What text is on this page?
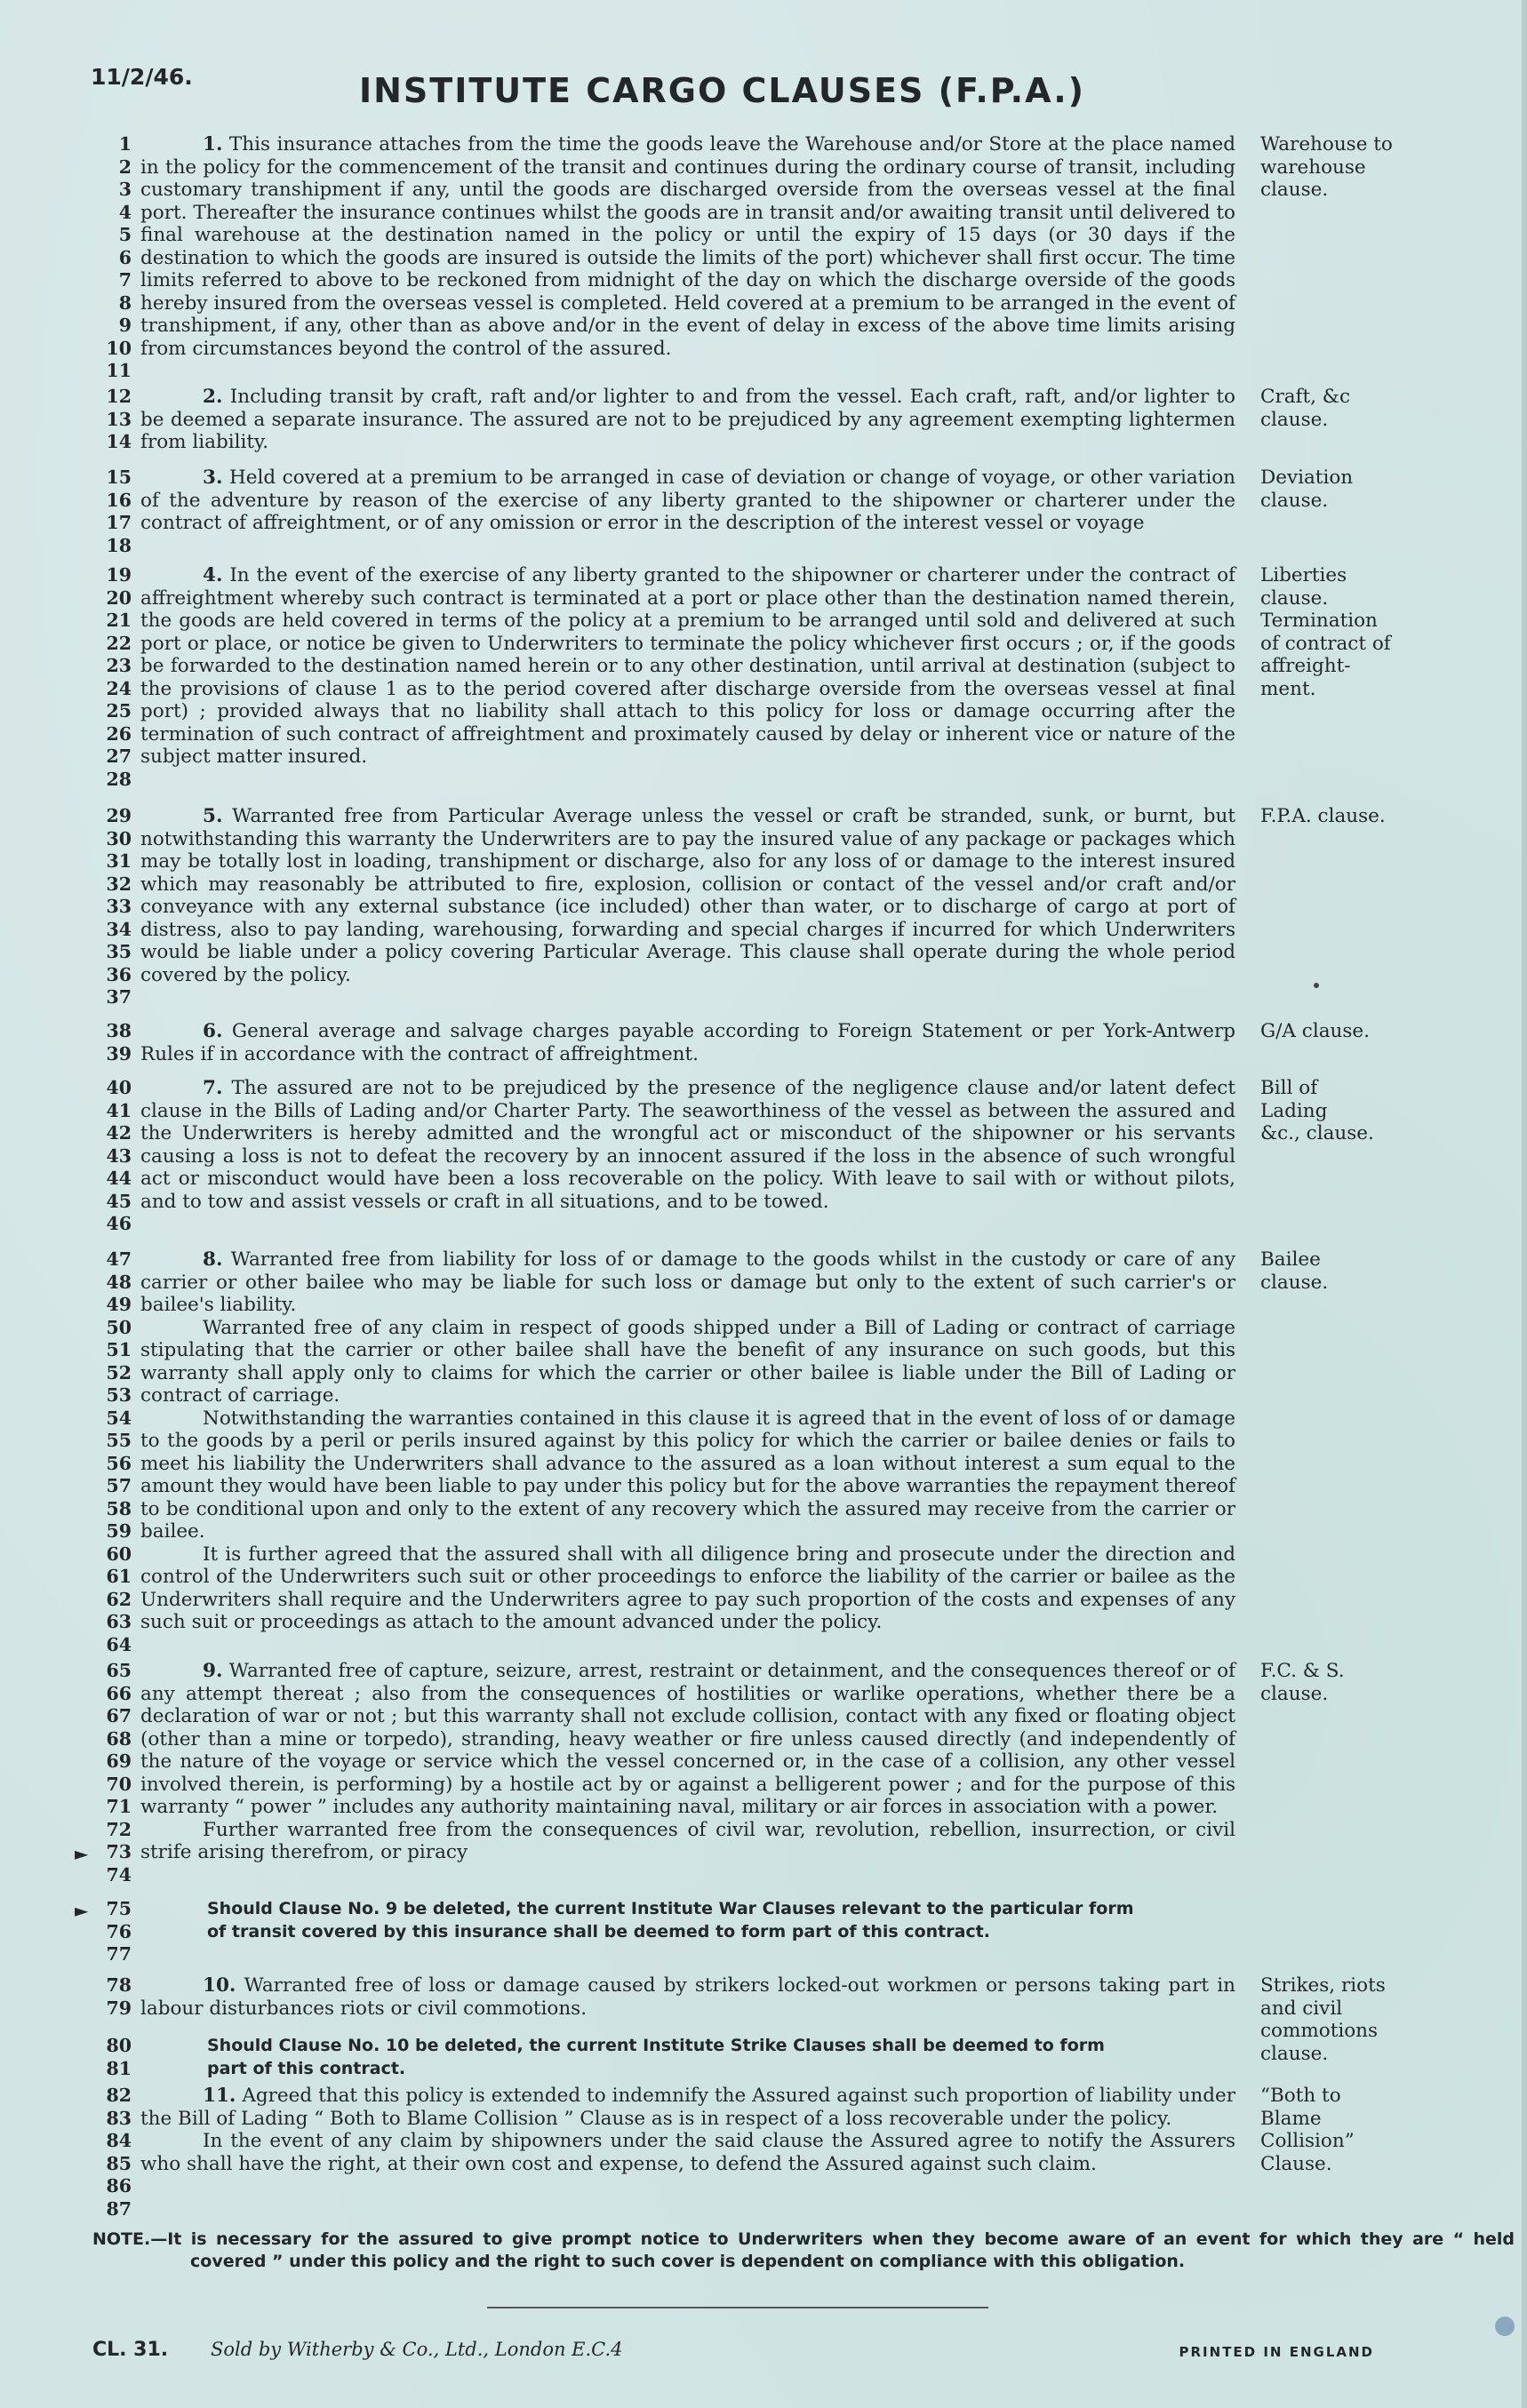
11/2/46.	INSTITUTE CARGO CLAUSES (F.P.A.)
1
2
3
4
5
6
7
8
9
10
11

1. This insurance attaches from the time the goods leave the Warehouse and/or Store at the place named in the policy for the commencement of the transit and continues during the ordinary course of transit, including customary transhipment if any, until the goods are discharged overside from the overseas vessel at the final port. Thereafter the insurance continues whilst the goods are in transit and/or awaiting transit until delivered to final warehouse at the destination named in the policy or until the expiry of 15 days (or 30 days if the destination to which the goods are insured is outside the limits of the port) whichever shall first occur. The time limits referred to above to be reckoned from midnight of the day on which the discharge overside of the goods hereby insured from the overseas vessel is completed. Held covered at a premium to be arranged in the event of transhipment, if any, other than as above and/or in the event of delay in excess of the above time limits arising from circumstances beyond the control of the assured.

Warehouse to
warehouse
clause.
12
13
14

2. Including transit by craft, raft and/or lighter to and from the vessel. Each craft, raft, and/or lighter to be deemed a separate insurance. The assured are not to be prejudiced by any agreement exempting lightermen from liability.

Craft, &c
clause.
15
16
17
18

3. Held covered at a premium to be arranged in case of deviation or change of voyage, or other variation of the adventure by reason of the exercise of any liberty granted to the shipowner or charterer under the contract of affreightment, or of any omission or error in the description of the interest vessel or voyage

Deviation
clause.
19
20
21
22
23
24
25
26
27
28

4. In the event of the exercise of any liberty granted to the shipowner or charterer under the contract of affreightment whereby such contract is terminated at a port or place other than the destination named therein, the goods are held covered in terms of the policy at a premium to be arranged until sold and delivered at such port or place, or notice be given to Underwriters to terminate the policy whichever first occurs ; or, if the goods be forwarded to the destination named herein or to any other destination, until arrival at destination (subject to the provisions of clause 1 as to the period covered after discharge overside from the overseas vessel at final port) ; provided always that no liability shall attach to this policy for loss or damage occurring after the termination of such contract of affreightment and proximately caused by delay or inherent vice or nature of the subject matter insured.

Liberties
clause.
Termination
of contract of
affreight-
ment.
29
30
31
32
33
34
35
36
37

5. Warranted free from Particular Average unless the vessel or craft be stranded, sunk, or burnt, but notwithstanding this warranty the Underwriters are to pay the insured value of any package or packages which may be totally lost in loading, transhipment or discharge, also for any loss of or damage to the interest insured which may reasonably be attributed to fire, explosion, collision or contact of the vessel and/or craft and/or conveyance with any external substance (ice included) other than water, or to discharge of cargo at port of distress, also to pay landing, warehousing, forwarding and special charges if incurred for which Underwriters would be liable under a policy covering Particular Average. This clause shall operate during the whole period covered by the policy.

F.P.A. clause.
38
39

6. General average and salvage charges payable according to Foreign Statement or per York-Antwerp Rules if in accordance with the contract of affreightment.

G/A clause.
40
41
42
43
44
45
46

7. The assured are not to be prejudiced by the presence of the negligence clause and/or latent defect clause in the Bills of Lading and/or Charter Party. The seaworthiness of the vessel as between the assured and the Underwriters is hereby admitted and the wrongful act or misconduct of the shipowner or his servants causing a loss is not to defeat the recovery by an innocent assured if the loss in the absence of such wrongful act or misconduct would have been a loss recoverable on the policy. With leave to sail with or without pilots, and to tow and assist vessels or craft in all situations, and to be towed.

Bill of
Lading
&c., clause.
47
48
49
50
51
52
53
54
55
56
57
58
59
60
61
62
63
64

8. Warranted free from liability for loss of or damage to the goods whilst in the custody or care of any carrier or other bailee who may be liable for such loss or damage but only to the extent of such carrier's or bailee's liability.

Warranted free of any claim in respect of goods shipped under a Bill of Lading or contract of carriage stipulating that the carrier or other bailee shall have the benefit of any insurance on such goods, but this warranty shall apply only to claims for which the carrier or other bailee is liable under the Bill of Lading or contract of carriage.

Notwithstanding the warranties contained in this clause it is agreed that in the event of loss of or damage to the goods by a peril or perils insured against by this policy for which the carrier or bailee denies or fails to meet his liability the Underwriters shall advance to the assured as a loan without interest a sum equal to the amount they would have been liable to pay under this policy but for the above warranties the repayment thereof to be conditional upon and only to the extent of any recovery which the assured may receive from the carrier or bailee.

It is further agreed that the assured shall with all diligence bring and prosecute under the direction and control of the Underwriters such suit or other proceedings to enforce the liability of the carrier or bailee as the Underwriters shall require and the Underwriters agree to pay such proportion of the costs and expenses of any such suit or proceedings as attach to the amount advanced under the policy.

Bailee
clause.
65
66
67
68
69
70
71
72
73
74

9. Warranted free of capture, seizure, arrest, restraint or detainment, and the consequences thereof or of any attempt thereat ; also from the consequences of hostilities or warlike operations, whether there be a declaration of war or not ; but this warranty shall not exclude collision, contact with any fixed or floating object (other than a mine or torpedo), stranding, heavy weather or fire unless caused directly (and independently of the nature of the voyage or service which the vessel concerned or, in the case of a collision, any other vessel involved therein, is performing) by a hostile act by or against a belligerent power ; and for the purpose of this warranty “ power ” includes any authority maintaining naval, military or air forces in association with a power.

Further warranted free from the consequences of civil war, revolution, rebellion, insurrection, or civil strife arising therefrom, or piracy

F.C. & S.
clause.
75
76
77

Should Clause No. 9 be deleted, the current Institute War Clauses relevant to the particular form of transit covered by this insurance shall be deemed to form part of this contract.

78
79

10. Warranted free of loss or damage caused by strikers locked-out workmen or persons taking part in labour disturbances riots or civil commotions.

Strikes, riots
and civil
commotions
clause.
80
81

Should Clause No. 10 be deleted, the current Institute Strike Clauses shall be deemed to form part of this contract.

82
83
84
85
86
87

11. Agreed that this policy is extended to indemnify the Assured against such proportion of liability under the Bill of Lading “ Both to Blame Collision ” Clause as is in respect of a loss recoverable under the policy.

In the event of any claim by shipowners under the said clause the Assured agree to notify the Assurers who shall have the right, at their own cost and expense, to defend the Assured against such claim.

“Both to
Blame
Collision”
Clause.
►
►
NOTE.—It is necessary for the assured to give prompt notice to Underwriters when they become aware of an event for which they are “ held covered ” under this policy and the right to such cover is dependent on compliance with this obligation.
CL. 31. Sold by Witherby & Co., Ltd., London E.C.4	PRINTED IN ENGLAND
